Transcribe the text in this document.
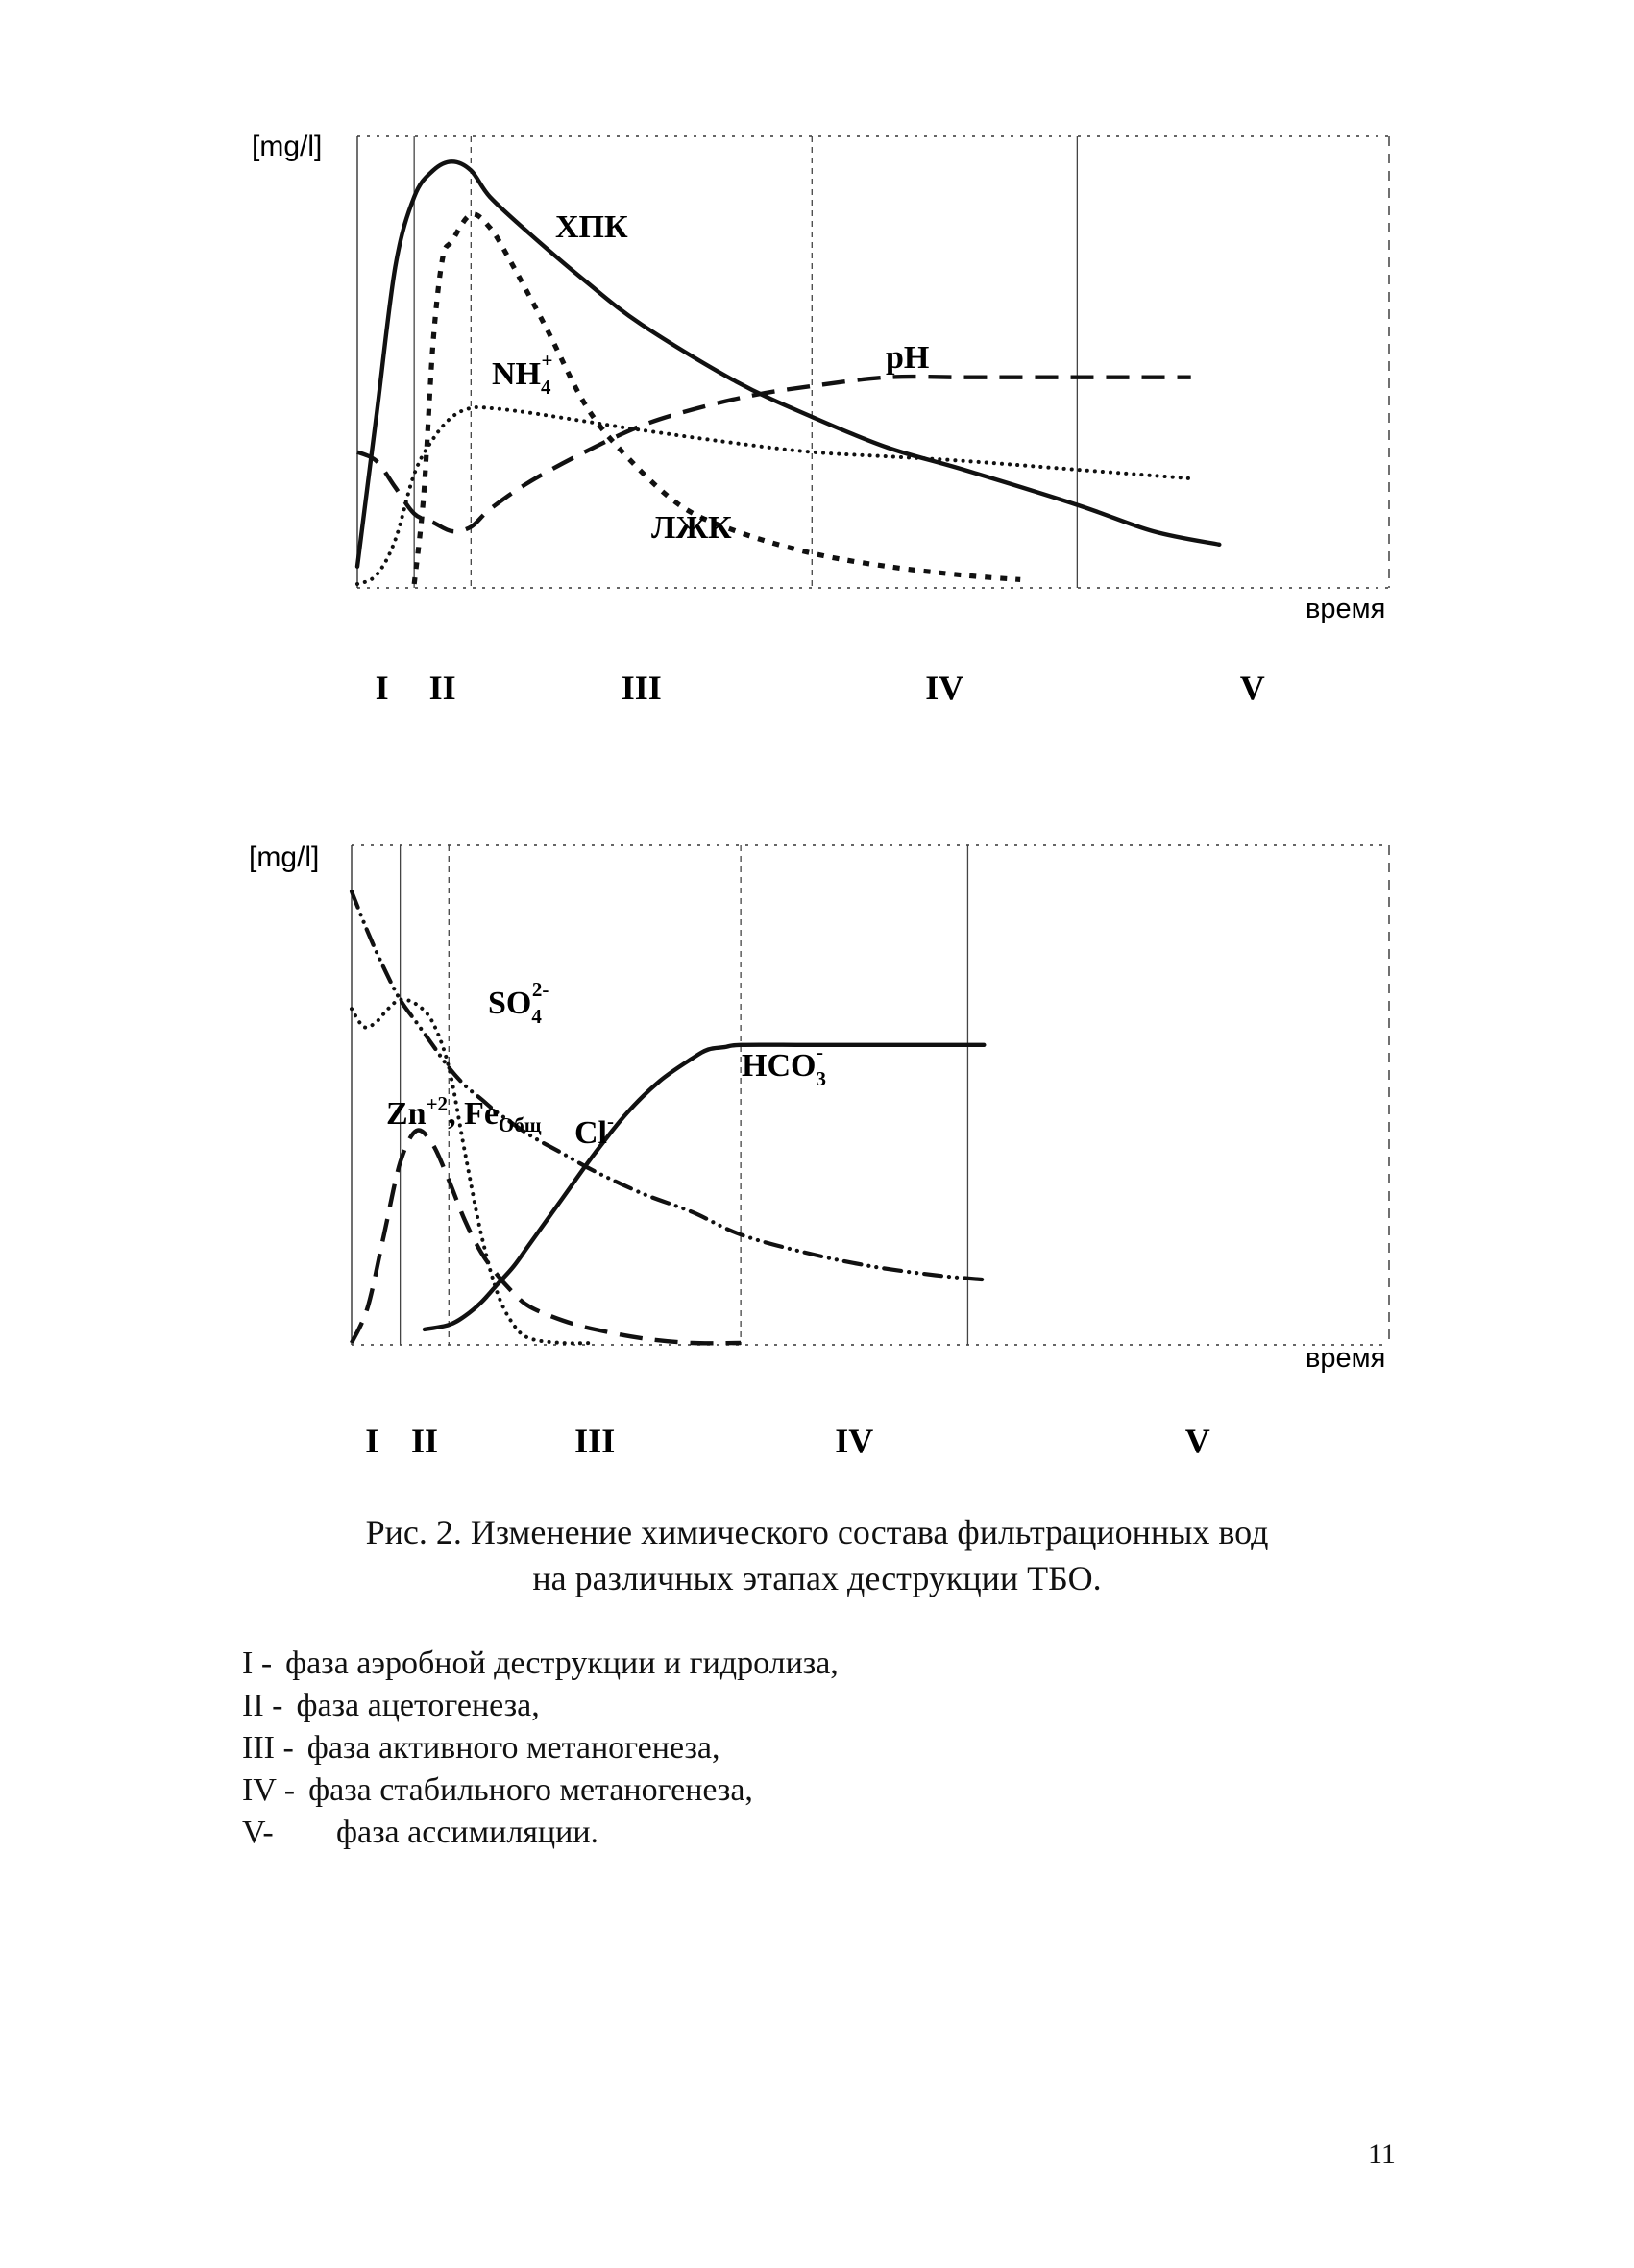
[mg/l]
время
I II	III	IV	V
ХПК
$NH_4+$
ЛЖК
pH
[mg/l]
время
I II	III	IV	V
$SO_42-$
$HCO_3-$
$Zn^{+2}$, $Fe_{Общ}$ Cl-
Рис. 2. Изменение химического состава фильтрационных вод
на различных этапах деструкции ТБО.
I - фаза аэробной деструкции и гидролиза,
II - фаза ацетогенеза,
III - фаза активного метаногенеза,
IV - фаза стабильного метаногенеза,
V-	фаза ассимиляции.
11
